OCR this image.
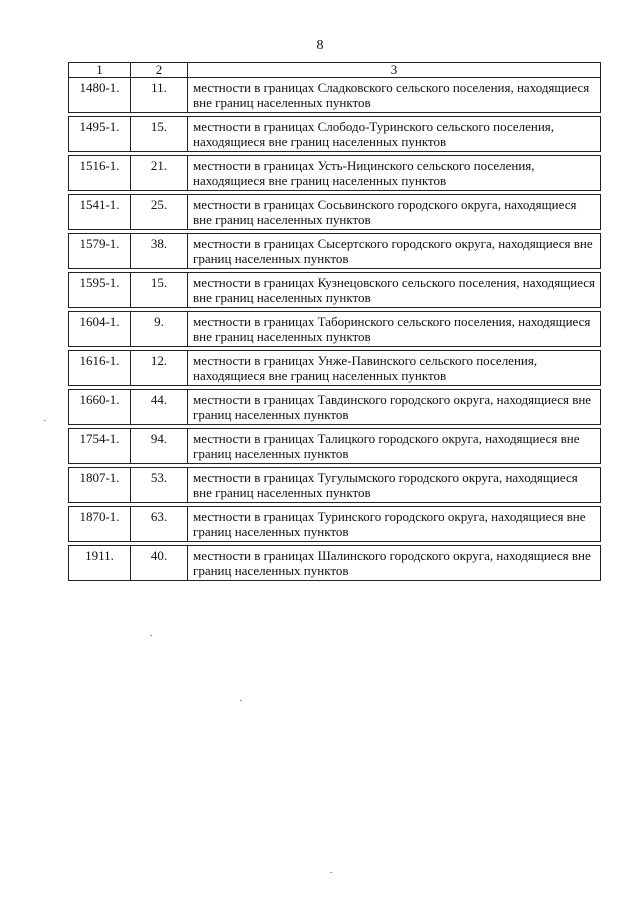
8
1	2	3
1480-1.	11.	местности в границах Сладковского сельского поселения, находящиеся вне границ населенных пунктов

1495-1.	15.	местности в границах Слободо-Туринского сельского поселения, находящиеся вне границ населенных пунктов

1516-1.	21.	местности в границах Усть-Ницинского сельского поселения, находящиеся вне границ населенных пунктов

1541-1.	25.	местности в границах Сосьвинского городского округа, находящиеся вне границ населенных пунктов

1579-1.	38.	местности в границах Сысертского городского округа, находящиеся вне границ населенных пунктов

1595-1.	15.	местности в границах Кузнецовского сельского поселения, находящиеся вне границ населенных пунктов

1604-1.	9.	местности в границах Таборинского сельского поселения, находящиеся вне границ населенных пунктов

1616-1.	12.	местности в границах Унже-Павинского сельского поселения, находящиеся вне границ населенных пунктов

1660-1.	44.	местности в границах Тавдинского городского округа, находящиеся вне границ населенных пунктов

1754-1.	94.	местности в границах Талицкого городского округа, находящиеся вне границ населенных пунктов

1807-1.	53.	местности в границах Тугулымского городского округа, находящиеся вне границ населенных пунктов

1870-1.	63.	местности в границах Туринского городского округа, находящиеся вне границ населенных пунктов

1911.	40.	местности в границах Шалинского городского округа, находящиеся вне границ населенных пунктов
